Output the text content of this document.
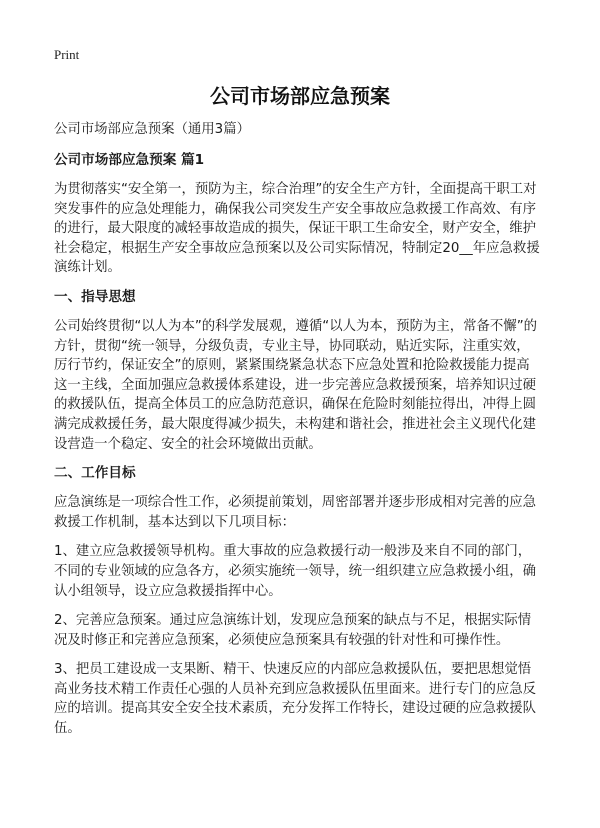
Print
公司市场部应急预案
公司市场部应急预案（通用3篇）
公司市场部应急预案 篇1
为贯彻落实“安全第一，预防为主，综合治理”的安全生产方针，全面提高干职工对
突发事件的应急处理能力，确保我公司突发生产安全事故应急救援工作高效、有序
的进行，最大限度的减轻事故造成的损失，保证干职工生命安全，财产安全，维护
社会稳定，根据生产安全事故应急预案以及公司实际情况，特制定20__年应急救援
演练计划。
一、指导思想
公司始终贯彻“以人为本”的科学发展观，遵循“以人为本，预防为主，常备不懈”的
方针，贯彻“统一领导，分级负责，专业主导，协同联动，贴近实际，注重实效，
厉行节约，保证安全”的原则，紧紧围绕紧急状态下应急处置和抢险救援能力提高
这一主线，全面加强应急救援体系建设，进一步完善应急救援预案，培养知识过硬
的救援队伍，提高全体员工的应急防范意识，确保在危险时刻能拉得出，冲得上圆
满完成救援任务，最大限度得减少损失，未构建和谐社会，推进社会主义现代化建
设营造一个稳定、安全的社会环境做出贡献。
二、工作目标
应急演练是一项综合性工作，必须提前策划，周密部署并逐步形成相对完善的应急
救援工作机制，基本达到以下几项目标：
1、建立应急救援领导机构。重大事故的应急救援行动一般涉及来自不同的部门，
不同的专业领域的应急各方，必须实施统一领导，统一组织建立应急救援小组，确
认小组领导，设立应急救援指挥中心。
2、完善应急预案。通过应急演练计划，发现应急预案的缺点与不足，根据实际情
况及时修正和完善应急预案，必须使应急预案具有较强的针对性和可操作性。
3、把员工建设成一支果断、精干、快速反应的内部应急救援队伍，要把思想觉悟
高业务技术精工作责任心强的人员补充到应急救援队伍里面来。进行专门的应急反
应的培训。提高其安全安全技术素质，充分发挥工作特长，建设过硬的应急救援队
伍。
